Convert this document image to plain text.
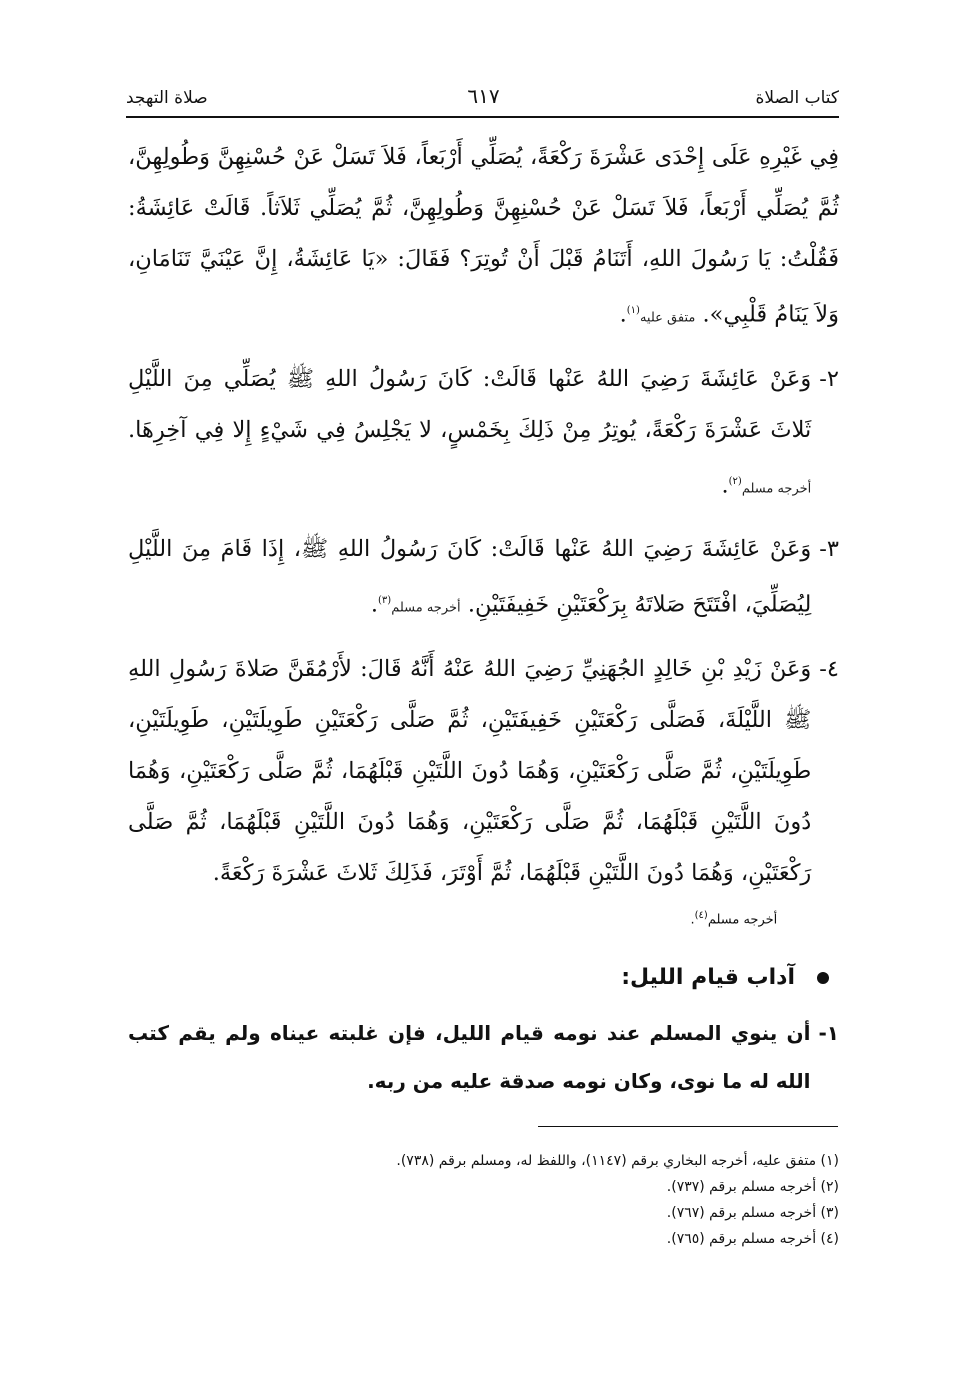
كتاب الصلاة
٦١٧
صلاة التهجد

فِي غَيْرِهِ عَلَى إِحْدَى عَشْرَةَ رَكْعَةً، يُصَلِّي أَرْبَعاً، فَلاَ تَسَلْ عَنْ حُسْنِهِنَّ وَطُولِهِنَّ، ثُمَّ يُصَلِّي أَرْبَعاً، فَلاَ تَسَلْ عَنْ حُسْنِهِنَّ وَطُولِهِنَّ، ثُمَّ يُصَلِّي ثَلاَثاً. قَالَتْ عَائِشَةُ: فَقُلْتُ: يَا رَسُولَ اللهِ، أَتَنَامُ قَبْلَ أَنْ تُوتِرَ؟ فَقَالَ: «يَا عَائِشَةُ، إِنَّ عَيْنَيَّ تَنَامَانِ، وَلاَ يَنَامُ قَلْبِي». متفق عليه$^{(١)}$.

٢-

وَعَنْ عَائِشَةَ رَضِيَ اللهُ عَنْها قَالَتْ: كَانَ رَسُولُ اللهِ ﷺ يُصَلِّي مِنَ اللَّيْلِ ثَلاثَ عَشْرَةَ رَكْعَةً، يُوتِرُ مِنْ ذَلِكَ بِخَمْسٍ، لا يَجْلِسُ فِي شَيْءٍ إِلا فِي آخِرِهَا. أخرجه مسلم$^{(٢)}$.

٣-

وَعَنْ عَائِشَةَ رَضِيَ اللهُ عَنْها قَالَتْ: كَانَ رَسُولُ اللهِ ﷺ، إِذَا قَامَ مِنَ اللَّيْلِ لِيُصَلِّيَ، افْتَتَحَ صَلاتَهُ بِرَكْعَتَيْنِ خَفِيفَتَيْنِ. أخرجه مسلم$^{(٣)}$.

٤-

وَعَنْ زَيْدِ بْنِ خَالِدٍ الجُهَنِيِّ رَضِيَ اللهُ عَنْهُ أَنَّهُ قَالَ: لأَرْمُقَنَّ صَلاةَ رَسُولِ اللهِ ﷺ اللَّيْلَةَ، فَصَلَّى رَكْعَتَيْنِ خَفِيفَتَيْنِ، ثُمَّ صَلَّى رَكْعَتَيْنِ طَوِيلَتَيْنِ، طَوِيلَتَيْنِ، طَوِيلَتَيْنِ، ثُمَّ صَلَّى رَكْعَتَيْنِ، وَهُمَا دُونَ اللَّتَيْنِ قَبْلَهُمَا، ثُمَّ صَلَّى رَكْعَتَيْنِ، وَهُمَا دُونَ اللَّتَيْنِ قَبْلَهُمَا، ثُمَّ صَلَّى رَكْعَتَيْنِ، وَهُمَا دُونَ اللَّتَيْنِ قَبْلَهُمَا، ثُمَّ صَلَّى رَكْعَتَيْنِ، وَهُمَا دُونَ اللَّتَيْنِ قَبْلَهُمَا، ثُمَّ أَوْتَرَ، فَذَلِكَ ثَلاثَ عَشْرَةَ رَكْعَةً.

أخرجه مسلم$^{(٤)}$.

آداب قيام الليل:
١-
أن ينوي المسلم عند نومه قيام الليل، فإن غلبته عيناه ولم يقم كتب الله له ما نوى، وكان نومه صدقة عليه من ربه.

(١) متفق عليه، أخرجه البخاري برقم (١١٤٧)، واللفظ له، ومسلم برقم (٧٣٨).

(٢) أخرجه مسلم برقم (٧٣٧).

(٣) أخرجه مسلم برقم (٧٦٧).

(٤) أخرجه مسلم برقم (٧٦٥).
